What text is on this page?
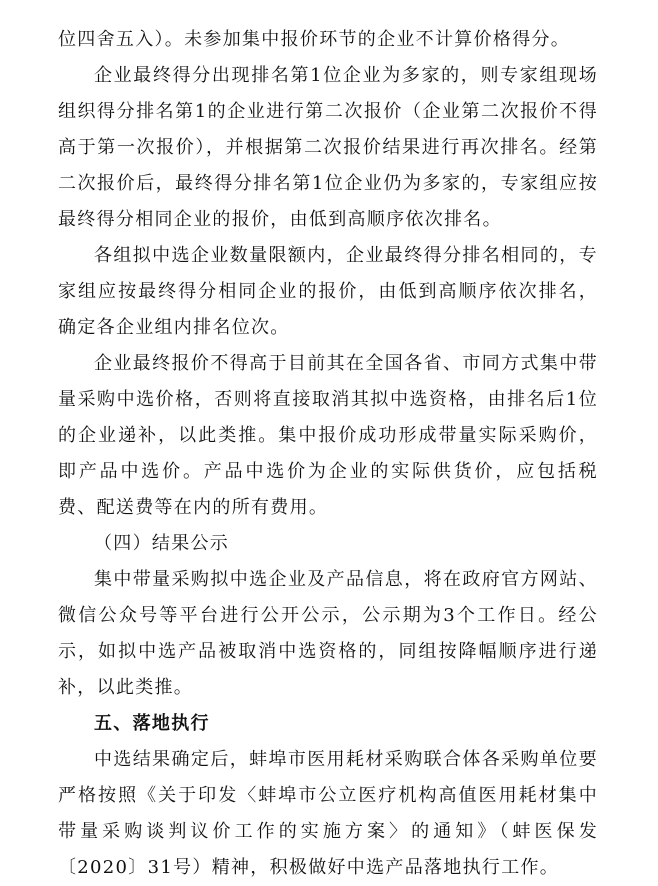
位四舍五入）。未参加集中报价环节的企业不计算价格得分。

企业最终得分出现排名第1位企业为多家的，则专家组现场组织得分排名第1的企业进行第二次报价（企业第二次报价不得高于第一次报价），并根据第二次报价结果进行再次排名。经第二次报价后，最终得分排名第1位企业仍为多家的，专家组应按最终得分相同企业的报价，由低到高顺序依次排名。

各组拟中选企业数量限额内，企业最终得分排名相同的，专家组应按最终得分相同企业的报价，由低到高顺序依次排名，确定各企业组内排名位次。

企业最终报价不得高于目前其在全国各省、市同方式集中带量采购中选价格，否则将直接取消其拟中选资格，由排名后1位的企业递补，以此类推。集中报价成功形成带量实际采购价，即产品中选价。产品中选价为企业的实际供货价，应包括税费、配送费等在内的所有费用。

（四）结果公示

集中带量采购拟中选企业及产品信息，将在政府官方网站、微信公众号等平台进行公开公示，公示期为3个工作日。经公示，如拟中选产品被取消中选资格的，同组按降幅顺序进行递补，以此类推。

五、落地执行

中选结果确定后，蚌埠市医用耗材采购联合体各采购单位要严格按照《关于印发〈蚌埠市公立医疗机构高值医用耗材集中带量采购谈判议价工作的实施方案〉的通知》（蚌医保发〔2020〕31号）精神，积极做好中选产品落地执行工作。
